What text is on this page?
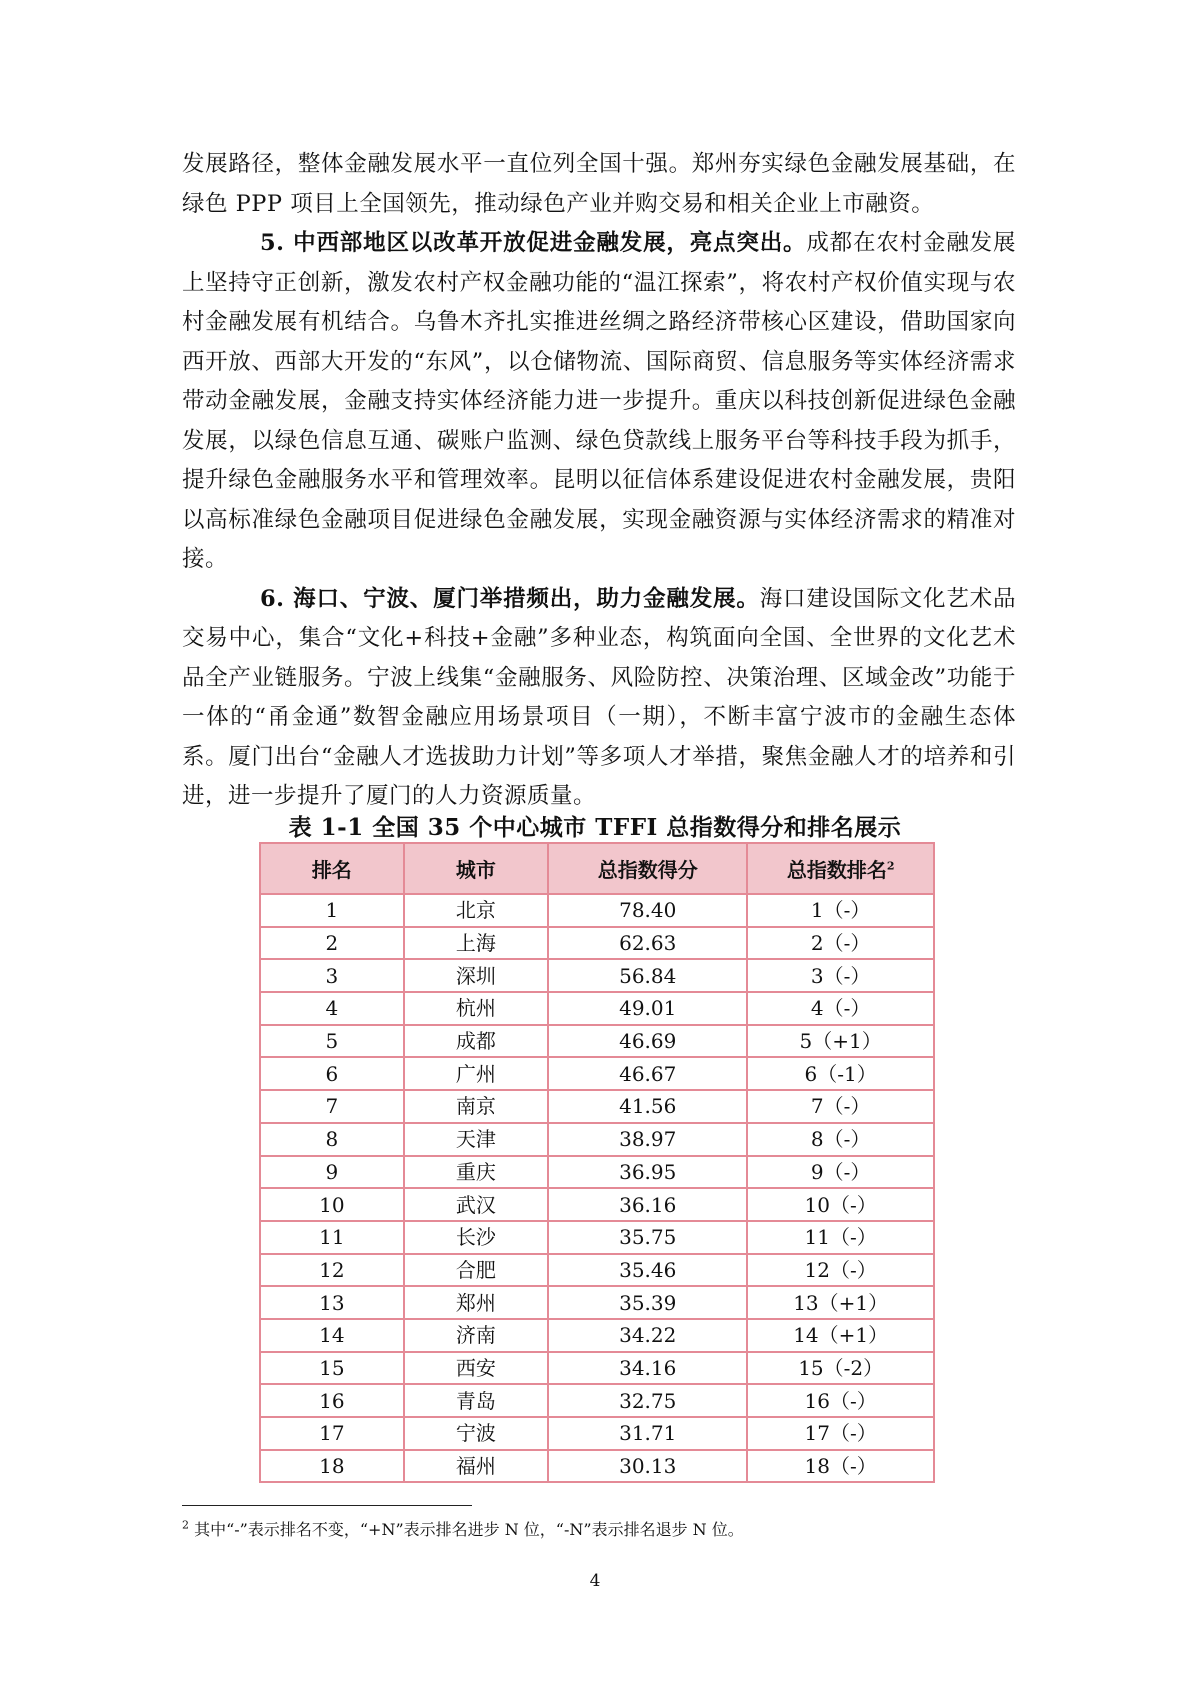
发展路径，整体金融发展水平一直位列全国十强。郑州夯实绿色金融发展基础，在绿色 PPP 项目上全国领先，推动绿色产业并购交易和相关企业上市融资。

5. 中西部地区以改革开放促进金融发展，亮点突出。成都在农村金融发展上坚持守正创新，激发农村产权金融功能的“温江探索”，将农村产权价值实现与农村金融发展有机结合。乌鲁木齐扎实推进丝绸之路经济带核心区建设，借助国家向西开放、西部大开发的“东风”，以仓储物流、国际商贸、信息服务等实体经济需求带动金融发展，金融支持实体经济能力进一步提升。重庆以科技创新促进绿色金融发展，以绿色信息互通、碳账户监测、绿色贷款线上服务平台等科技手段为抓手，提升绿色金融服务水平和管理效率。昆明以征信体系建设促进农村金融发展，贵阳以高标准绿色金融项目促进绿色金融发展，实现金融资源与实体经济需求的精准对接。

6. 海口、宁波、厦门举措频出，助力金融发展。海口建设国际文化艺术品交易中心，集合“文化+科技+金融”多种业态，构筑面向全国、全世界的文化艺术品全产业链服务。宁波上线集“金融服务、风险防控、决策治理、区域金改”功能于一体的“甬金通”数智金融应用场景项目（一期），不断丰富宁波市的金融生态体系。厦门出台“金融人才选拔助力计划”等多项人才举措，聚焦金融人才的培养和引进，进一步提升了厦门的人力资源质量。

表 1-1 全国 35 个中心城市 TFFI 总指数得分和排名展示
排名	城市	总指数得分	总指数排名$^2$
1	北京	78.40	1（-）
2	上海	62.63	2（-）
3	深圳	56.84	3（-）
4	杭州	49.01	4（-）
5	成都	46.69	5（+1）
6	广州	46.67	6（-1）
7	南京	41.56	7（-）
8	天津	38.97	8（-）
9	重庆	36.95	9（-）
10	武汉	36.16	10（-）
11	长沙	35.75	11（-）
12	合肥	35.46	12（-）
13	郑州	35.39	13（+1）
14	济南	34.22	14（+1）
15	西安	34.16	15（-2）
16	青岛	32.75	16（-）
17	宁波	31.71	17（-）
18	福州	30.13	18（-）
$^2$ 其中“-”表示排名不变，“+N”表示排名进步 N 位，“-N”表示排名退步 N 位。
4
